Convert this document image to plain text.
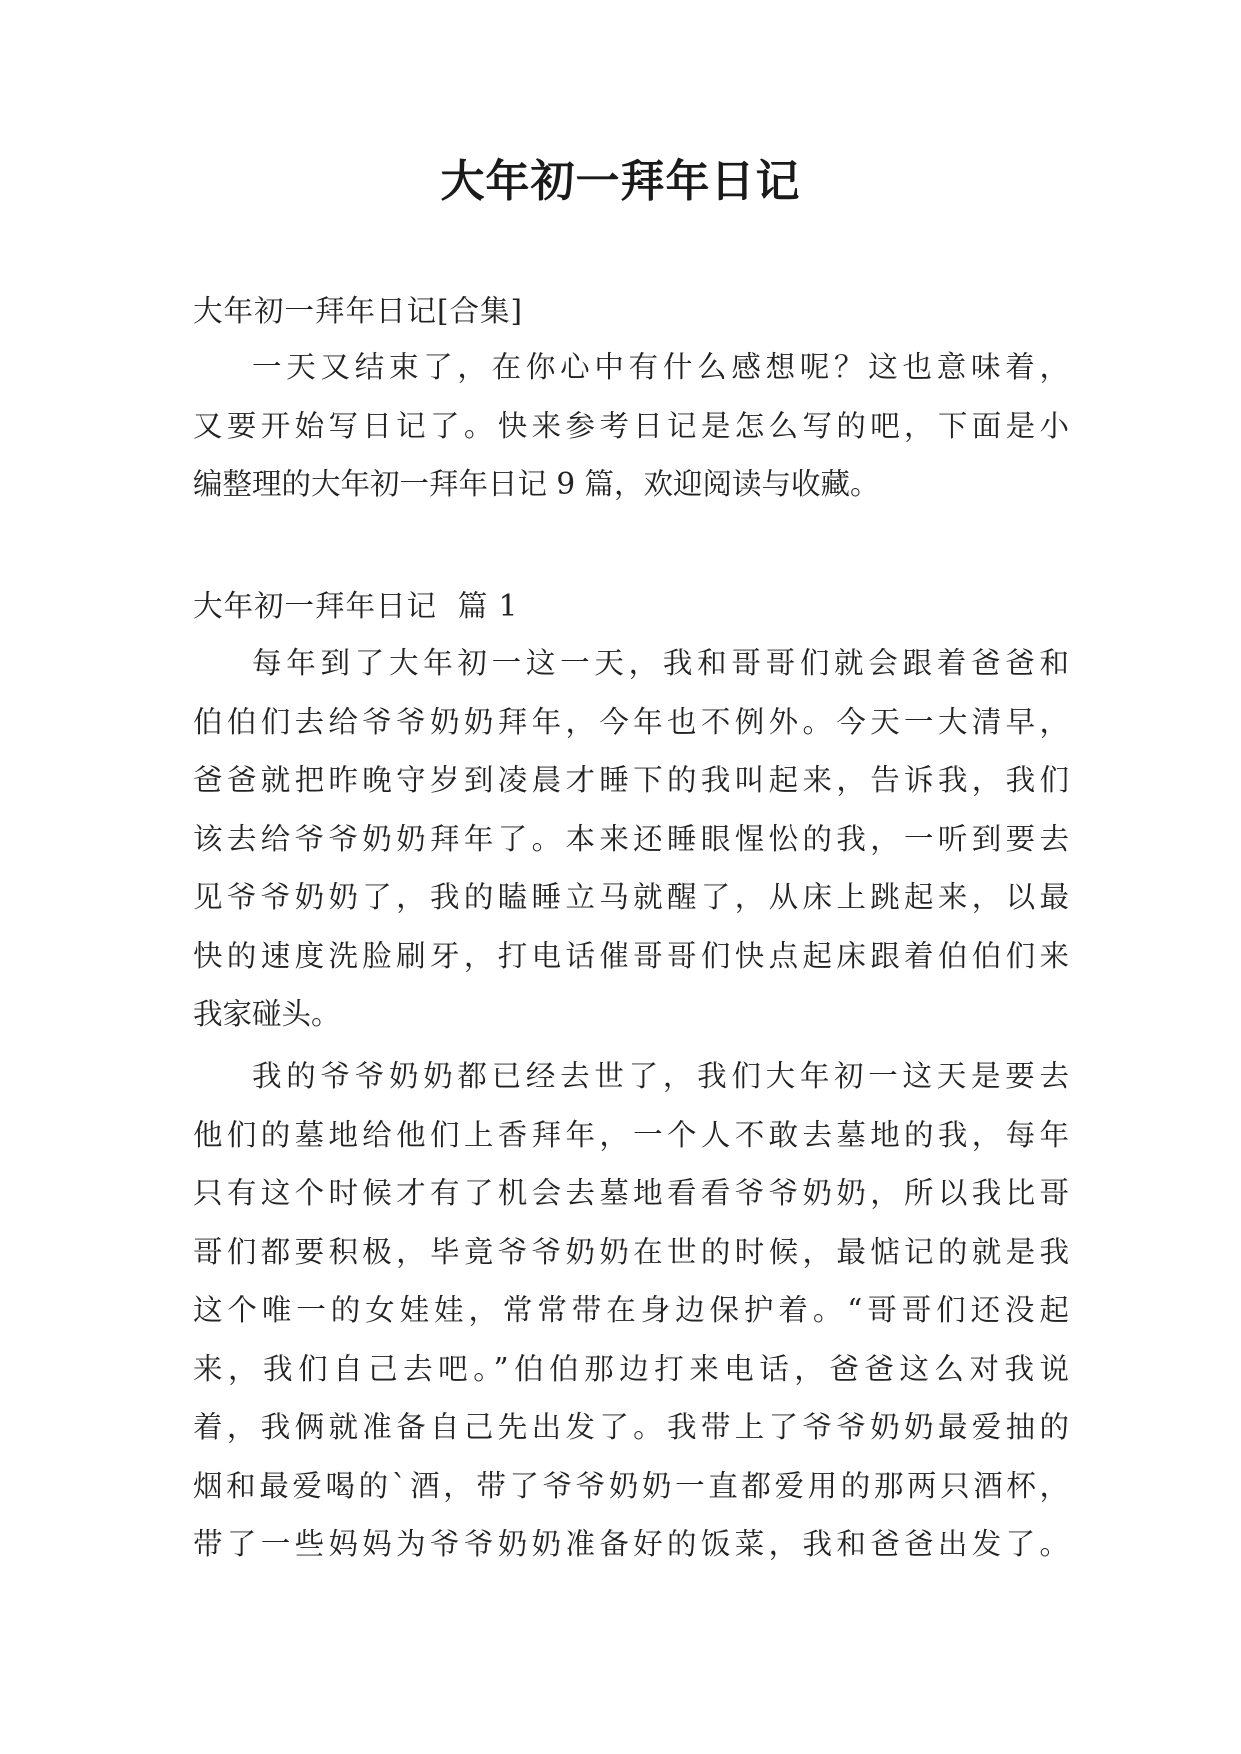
大年初一拜年日记
大年初一拜年日记[合集]
一天又结束了，在你心中有什么感想呢？这也意味着，
又要开始写日记了。快来参考日记是怎么写的吧，下面是小
编整理的大年初一拜年日记 9 篇，欢迎阅读与收藏。
大年初一拜年日记  篇 1
每年到了大年初一这一天，我和哥哥们就会跟着爸爸和
伯伯们去给爷爷奶奶拜年，今年也不例外。今天一大清早，
爸爸就把昨晚守岁到凌晨才睡下的我叫起来，告诉我，我们
该去给爷爷奶奶拜年了。本来还睡眼惺忪的我，一听到要去
见爷爷奶奶了，我的瞌睡立马就醒了，从床上跳起来，以最
快的速度洗脸刷牙，打电话催哥哥们快点起床跟着伯伯们来
我家碰头。
我的爷爷奶奶都已经去世了，我们大年初一这天是要去
他们的墓地给他们上香拜年，一个人不敢去墓地的我，每年
只有这个时候才有了机会去墓地看看爷爷奶奶，所以我比哥
哥们都要积极，毕竟爷爷奶奶在世的时候，最惦记的就是我
这个唯一的女娃娃，常常带在身边保护着。“哥哥们还没起
来，我们自己去吧。”伯伯那边打来电话，爸爸这么对我说
着，我俩就准备自己先出发了。我带上了爷爷奶奶最爱抽的
烟和最爱喝的`酒，带了爷爷奶奶一直都爱用的那两只酒杯，
带了一些妈妈为爷爷奶奶准备好的饭菜，我和爸爸出发了。
